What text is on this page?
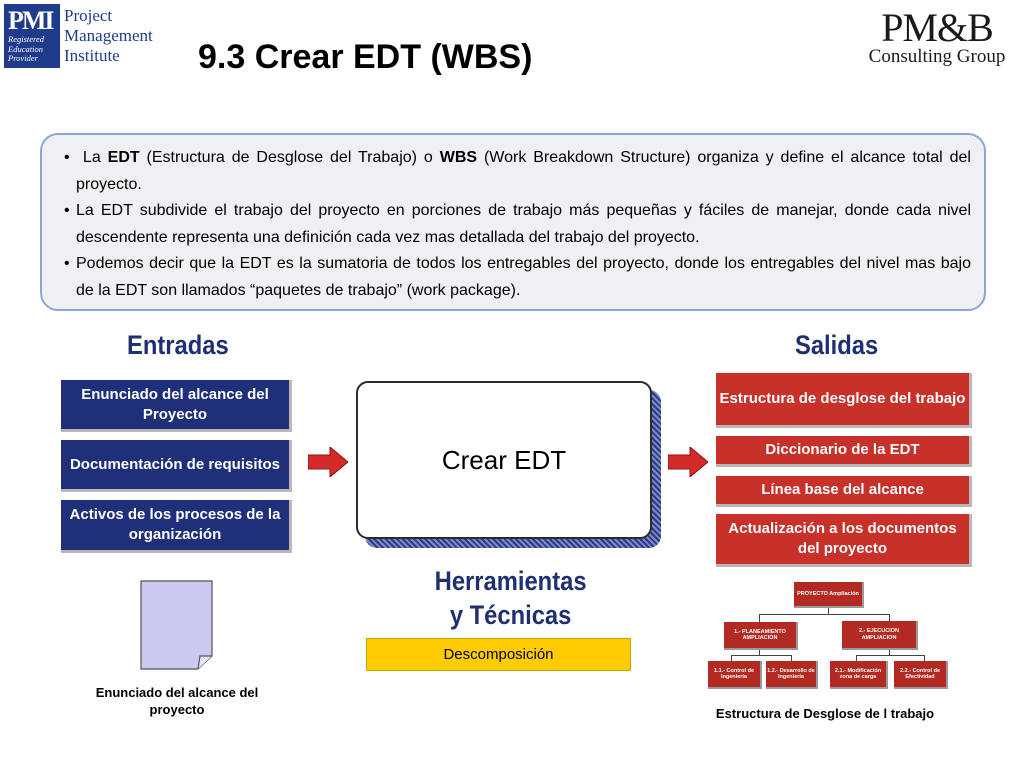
PMI
Registered
Education
Provider
Project
Management
Institute
PM&B
Consulting Group
9.3 Crear EDT (WBS)
• La EDT (Estructura de Desglose del Trabajo) o WBS (Work Breakdown Structure) organiza y define el alcance total del proyecto.
• La EDT subdivide el trabajo del proyecto en porciones de trabajo más pequeñas y fáciles de manejar, donde cada nivel descendente representa una definición cada vez mas detallada del trabajo del proyecto.
• Podemos decir que la EDT es la sumatoria de todos los entregables del proyecto, donde los entregables del nivel mas bajo de la EDT son llamados “paquetes de trabajo” (work package).
Entradas	Salidas
Herramientas y Técnicas
Enunciado del alcance del Proyecto
Documentación de requisitos
Activos de los procesos de la organización
Crear EDT
Descomposición
Estructura de desglose del trabajo
Diccionario de la EDT
Línea base del alcance
Actualización a los documentos del proyecto
Enunciado del alcance del proyecto
PROYECTO Ampliación
1.- PLANEAMIENTO AMPLIACION
2.- EJECUCION AMPLIACION
1.1.- Control de Ingeniería
1.2.- Desarrollo de Ingeniería
2.1.- Modificación zona de carga
2.2.- Control de Efectividad
Estructura de Desglose de l trabajo
